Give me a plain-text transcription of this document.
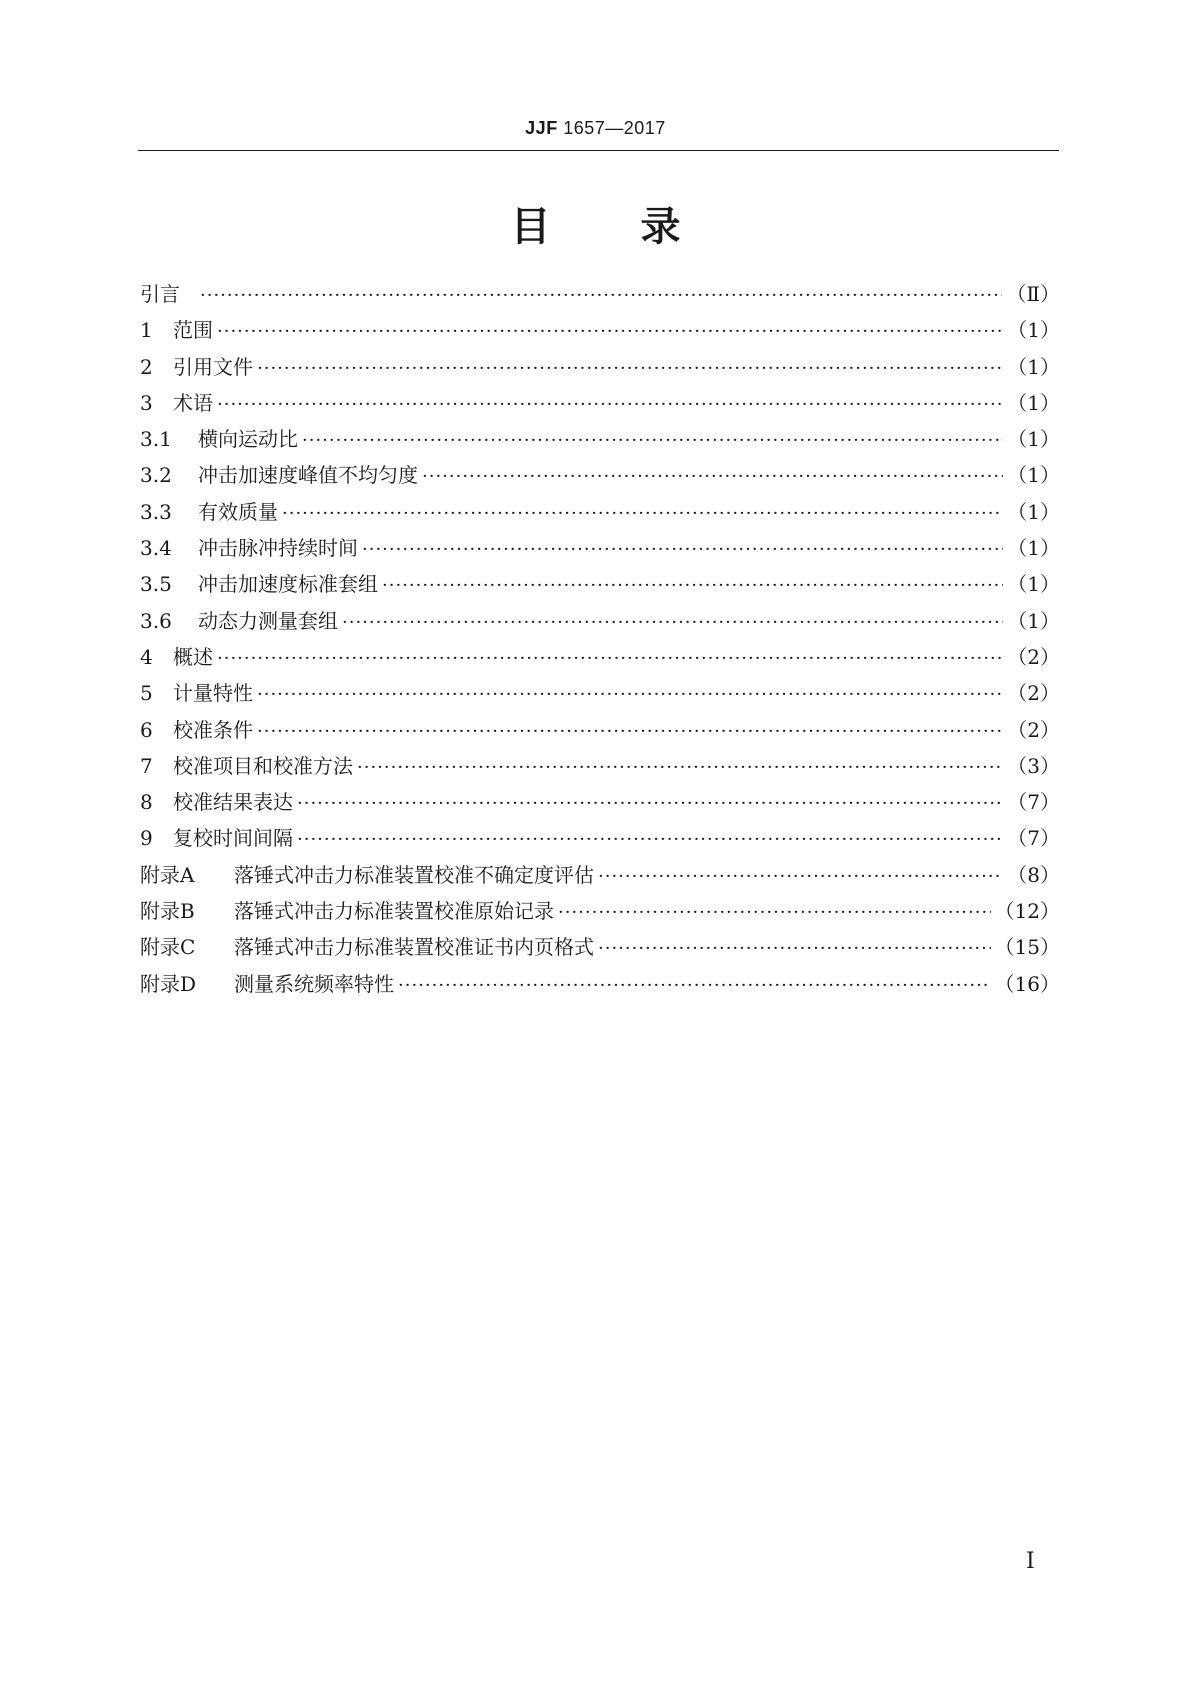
JJF 1657—2017
目 录
引言 ·····	（Ⅱ）
1	范围 ·····	（1）
2	引用文件 ·····	（1）
3	术语 ·····	（1）
3.1	横向运动比 ·····	（1）
3.2	冲击加速度峰值不均匀度 ·····	（1）
3.3	有效质量 ·····	（1）
3.4	冲击脉冲持续时间 ·····	（1）
3.5	冲击加速度标准套组 ·····	（1）
3.6	动态力测量套组 ·····	（1）
4	概述 ·····	（2）
5	计量特性 ·····	（2）
6	校准条件 ·····	（2）
7	校准项目和校准方法 ·····	（3）
8	校准结果表达 ·····	（7）
9	复校时间间隔 ·····	（7）
附录A	落锤式冲击力标准装置校准不确定度评估 ·····	（8）
附录B	落锤式冲击力标准装置校准原始记录 ·····	（12）
附录C	落锤式冲击力标准装置校准证书内页格式 ·····	（15）
附录D	测量系统频率特性 ·····	（16）
Ⅰ
